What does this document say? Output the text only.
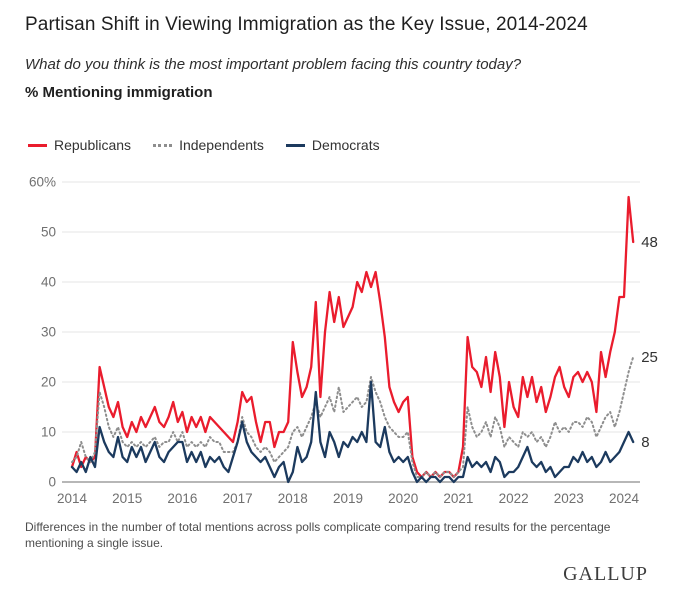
Partisan Shift in Viewing Immigration as the Key Issue, 2014-2024
What do you think is the most important problem facing this country today?
% Mentioning immigration
Republicans	Independents	Democrats
0
10
20
30
40
50
60%
2014 2015 2016 2017 2018 2019 2020 2021 2022 2023 2024
48
25
8
Differences in the number of total mentions across polls complicate comparing trend results for the percentage mentioning a single issue.
GALLUP
